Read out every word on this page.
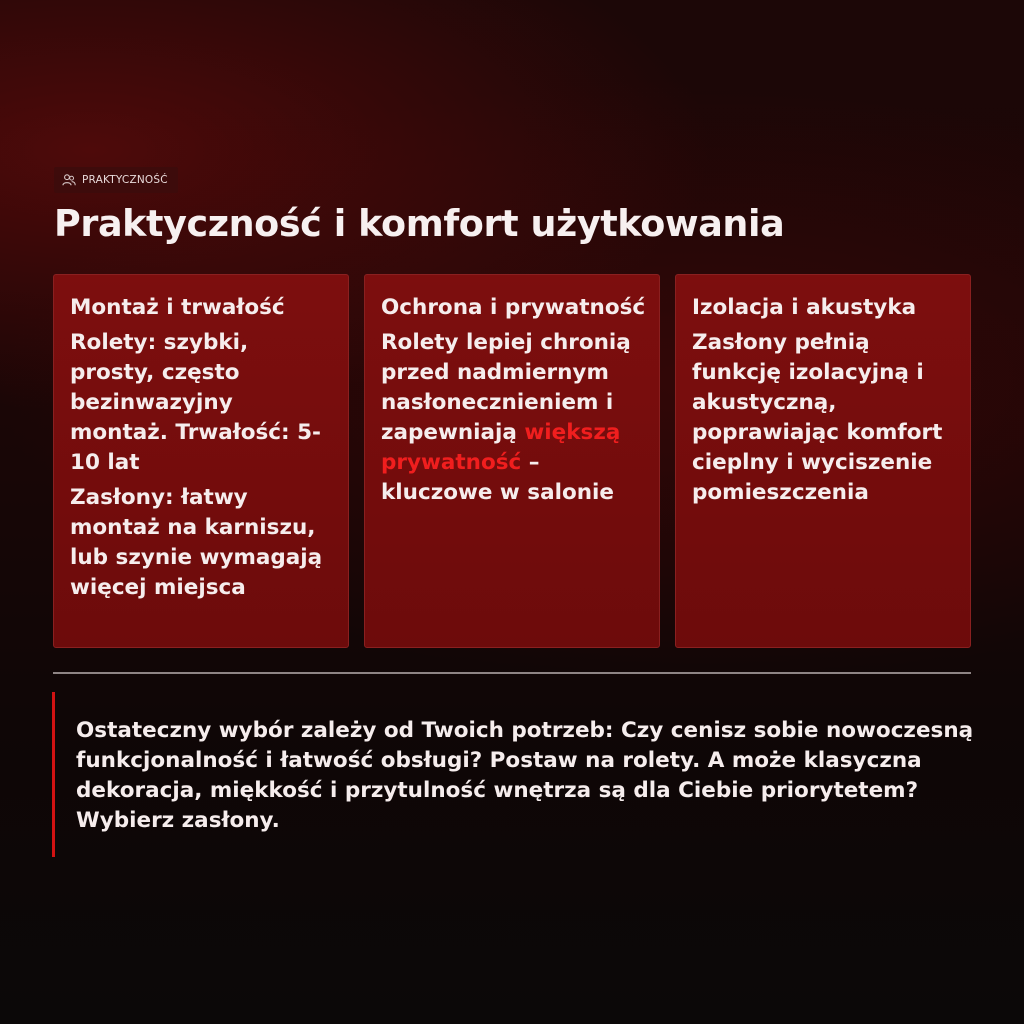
PRAKTYCZNOŚĆ
Praktyczność i komfort użytkowania
Montaż i trwałość

Rolety: szybki, prosty, często bezinwazyjny montaż. Trwałość: 5-10 lat

Zasłony: łatwy montaż na karniszu, lub szynie wymagają więcej miejsca

Ochrona i prywatność

Rolety lepiej chronią przed nadmiernym nasłonecznieniem i zapewniają większą prywatność – kluczowe w salonie

Izolacja i akustyka

Zasłony pełnią funkcję izolacyjną i akustyczną, poprawiając komfort cieplny i wyciszenie pomieszczenia

Ostateczny wybór zależy od Twoich potrzeb: Czy cenisz sobie nowoczesną funkcjonalność i łatwość obsługi? Postaw na rolety. A może klasyczna dekoracja, miękkość i przytulność wnętrza są dla Ciebie priorytetem? Wybierz zasłony.
